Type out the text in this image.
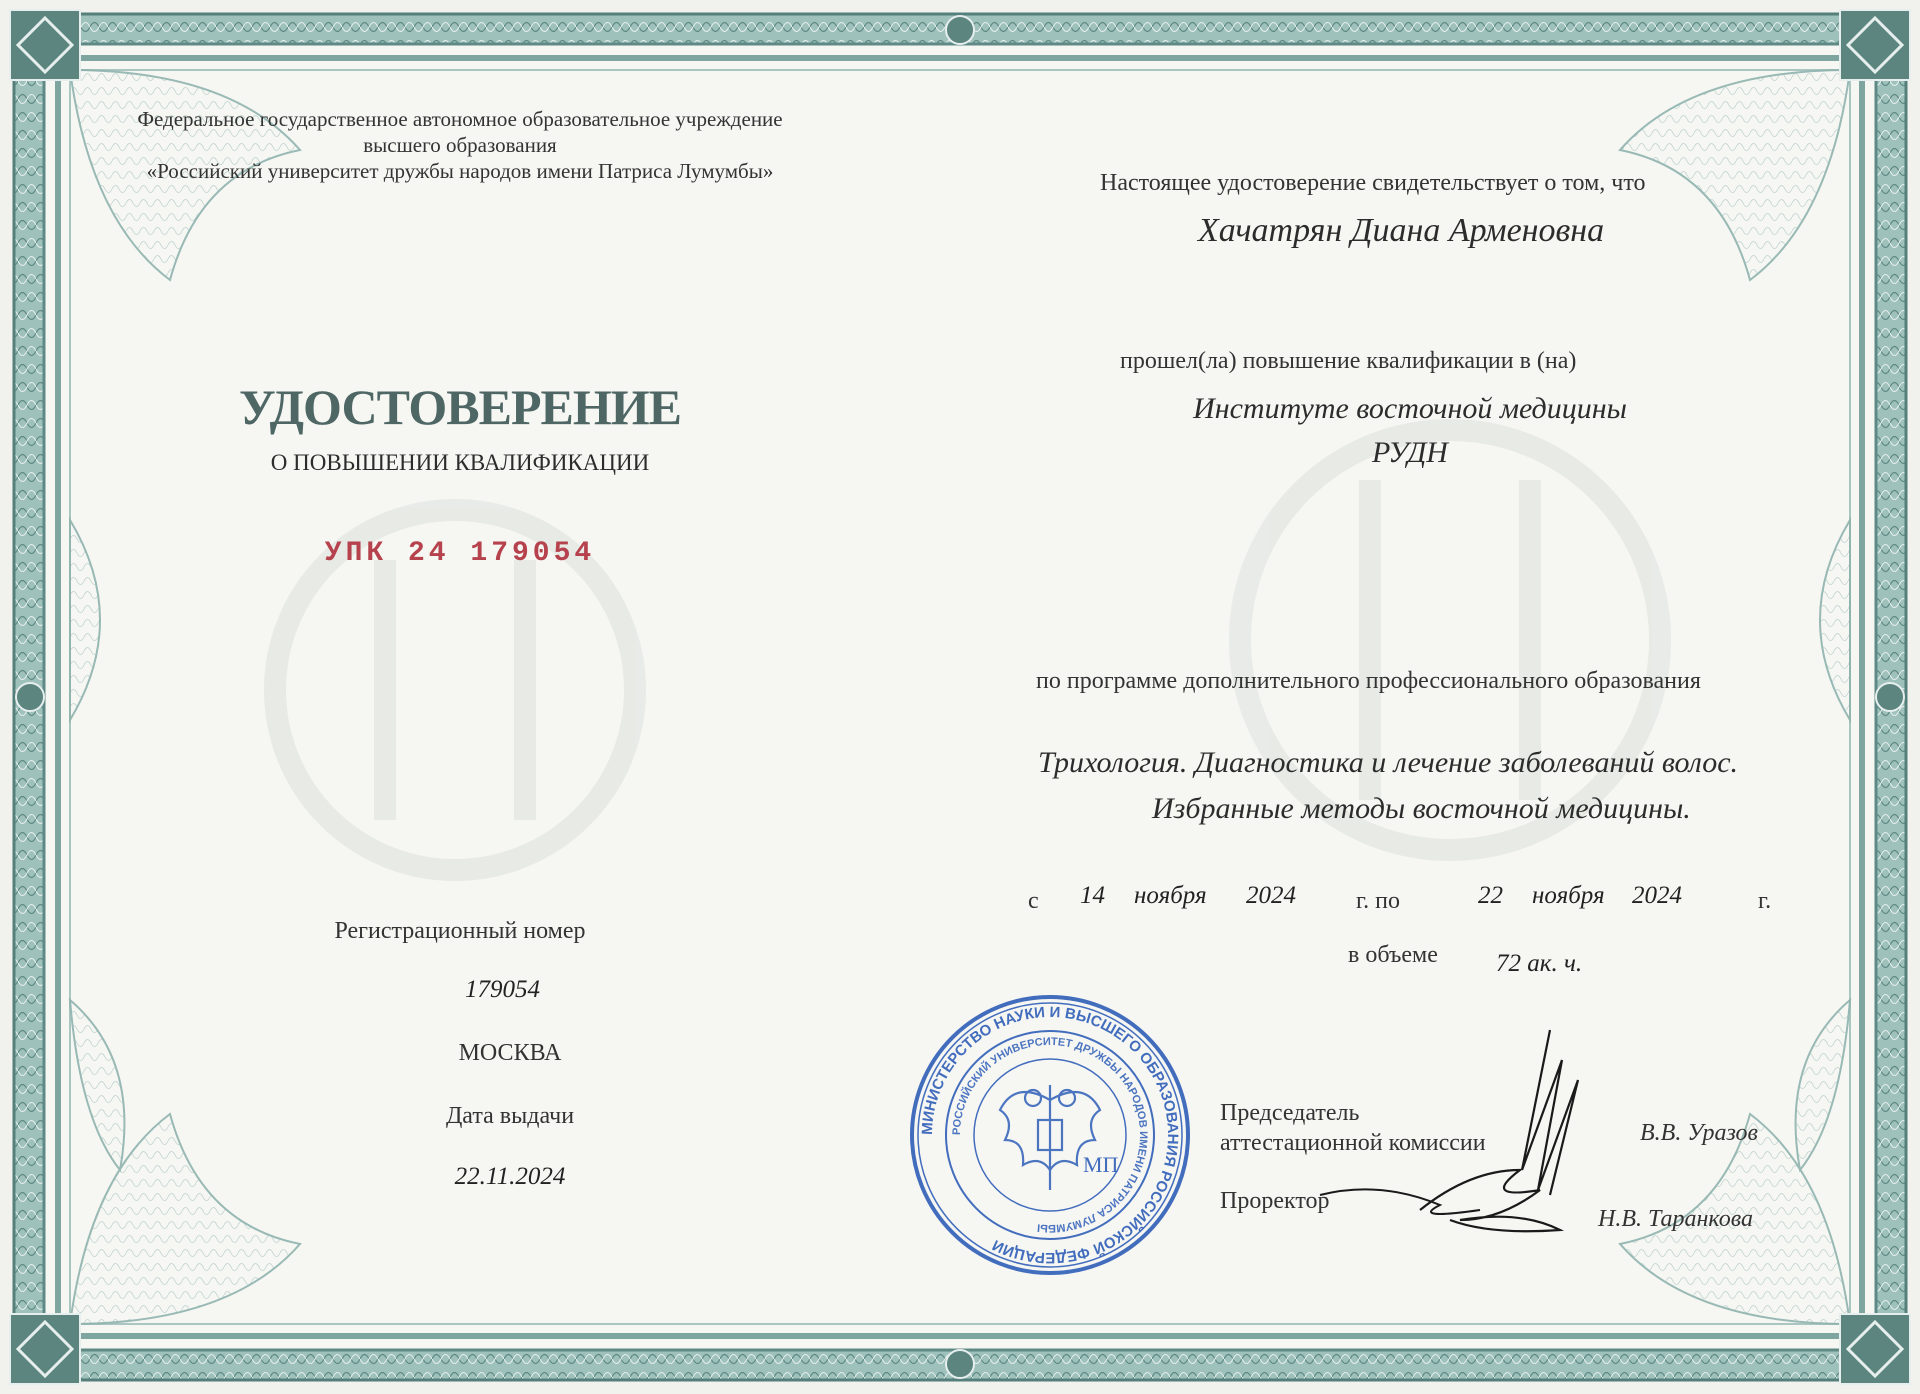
Федеральное государственное автономное образовательное учреждение
высшего образования
«Российский университет дружбы народов имени Патриса Лумумбы»
УДОСТОВЕРЕНИЕ
О ПОВЫШЕНИИ КВАЛИФИКАЦИИ
УПК 24 179054
Регистрационный номер
179054
МОСКВА
Дата выдачи
22.11.2024
Настоящее удостоверение свидетельствует о том, что
Хачатрян Диана Арменовна
прошел(ла) повышение квалификации в (на)
Институте восточной медицины
РУДН
по программе дополнительного профессионального образования
Трихология. Диагностика и лечение заболеваний волос.
Избранные методы восточной медицины.
с 14 ноября 2024	г. по	22 ноября 2024	г.
в объеме 72 ак. ч.
Председатель
аттестационной комиссии	В.В. Уразов
Проректор
Н.В. Таранкова
МИНИСТЕРСТВО НАУКИ И ВЫСШЕГО ОБРАЗОВАНИЯ РОССИЙСКОЙ ФЕДЕРАЦИИ
РОССИЙСКИЙ УНИВЕРСИТЕТ ДРУЖБЫ НАРОДОВ ИМЕНИ ПАТРИСА ЛУМУМБЫ
МП
